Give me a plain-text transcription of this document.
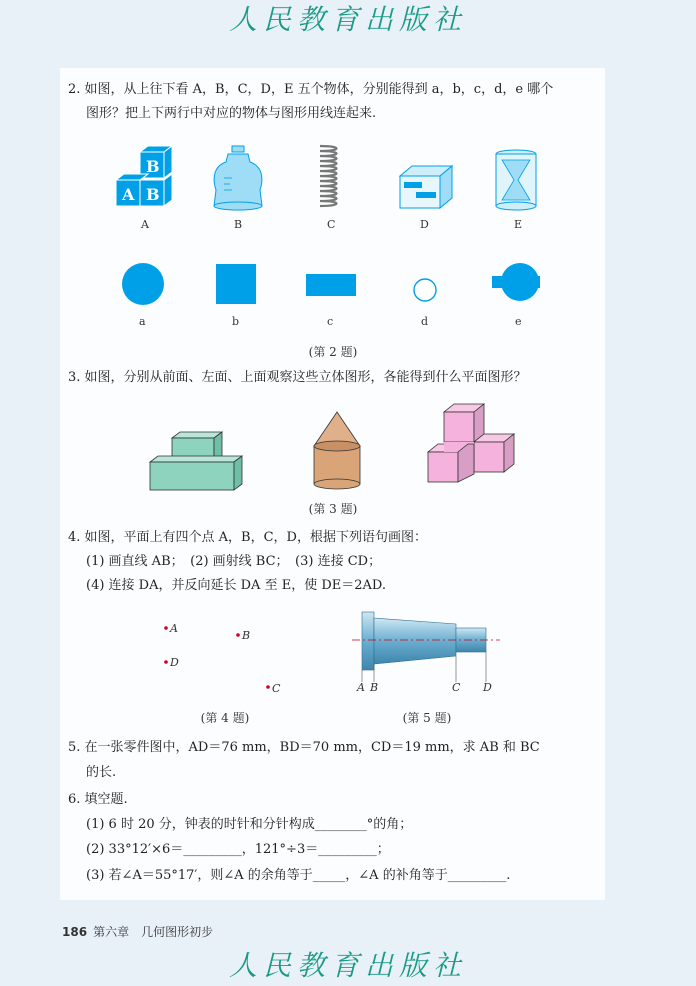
人民教育出版社
2. 如图，从上往下看 A，B，C，D，E 五个物体，分别能得到 a，b，c，d，e 哪个
图形？把上下两行中对应的物体与图形用线连起来.
B
B
A
A	B	C	D	E
a	b	c	d	e
(第 2 题)
3. 如图，分别从前面、左面、上面观察这些立体图形，各能得到什么平面图形？
(第 3 题)
4. 如图，平面上有四个点 A，B，C，D，根据下列语句画图：
(1) 画直线 AB；　(2) 画射线 BC；　(3) 连接 CD；
(4) 连接 DA，并反向延长 DA 至 E，使 DE＝2AD.
A
B
D
C
(第 4 题)
A B	C D
(第 5 题)
5. 在一张零件图中，AD＝76 mm，BD＝70 mm，CD＝19 mm，求 AB 和 BC
的长.
6. 填空题.
(1) 6 时 20 分，钟表的时针和分针构成________°的角；
(2) 33°12′×6＝_________，121°÷3＝_________；
(3) 若∠A＝55°17′，则∠A 的余角等于_____，∠A 的补角等于_________.
186 第六章　几何图形初步
人民教育出版社
